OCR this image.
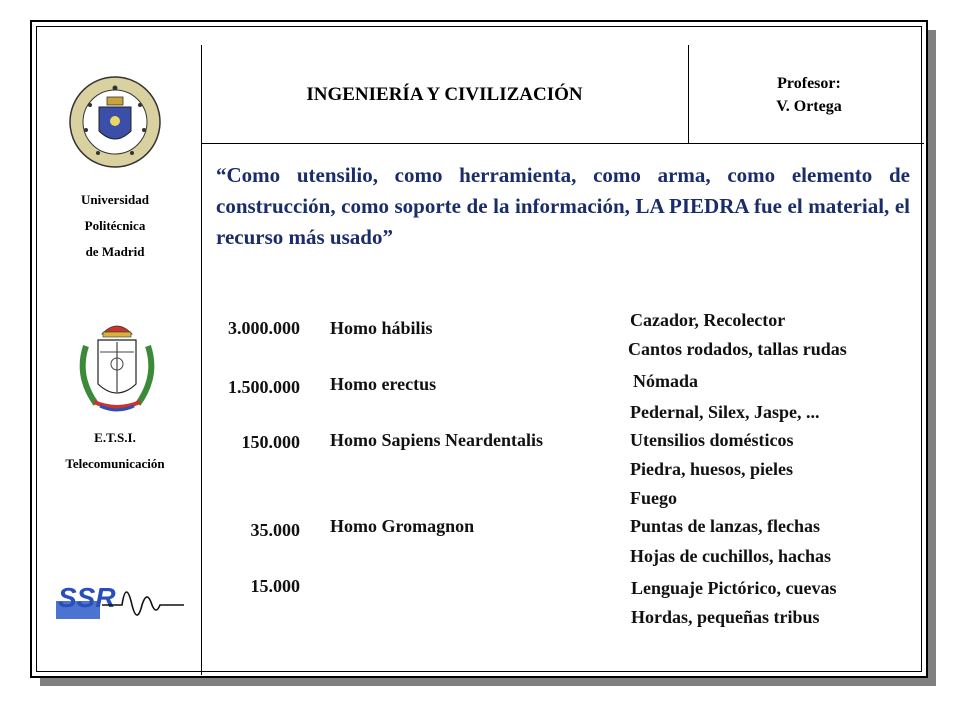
Universidad
Politécnica
de Madrid
E.T.S.I.
Telecomunicación
SSR
INGENIERÍA Y CIVILIZACIÓN
Profesor:
V. Ortega
“Como utensilio, como herramienta, como arma, como elemento de construcción, como soporte de la información, LA PIEDRA fue el material, el recurso más usado”
3.000.000 Homo hábilis	Cazador, Recolector
Cantos rodados, tallas rudas
1.500.000 Homo erectus	Nómada
Pedernal, Silex, Jaspe, ...
150.000 Homo Sapiens Neardentalis	Utensilios domésticos
Piedra, huesos, pieles
Fuego
35.000 Homo Gromagnon	Puntas de lanzas, flechas
Hojas de cuchillos, hachas
15.000	Lenguaje Pictórico, cuevas
Hordas, pequeñas tribus
